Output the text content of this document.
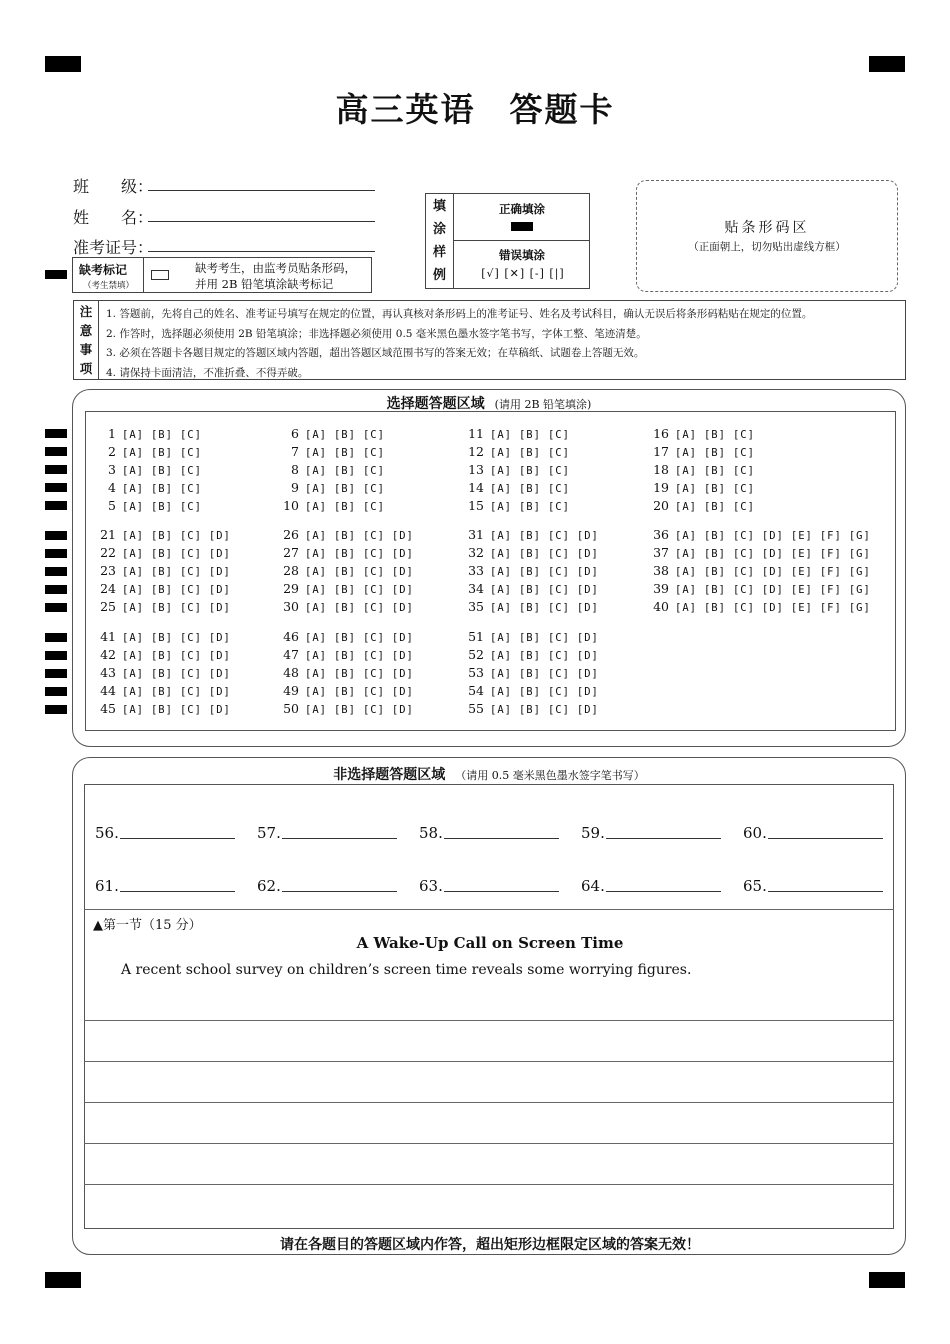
高三英语 答题卡
班　　级：
姓　　名：
准考证号：
缺考标记
（考生禁填）
缺考考生，由监考员贴条形码，
并用 2B 铅笔填涂缺考标记
填
涂
样
例
正确填涂
错误填涂
[√] [✕] [-] [|]
贴条形码区
（正面朝上，切勿贴出虚线方框）
注
意
事
项
1. 答题前，先将自己的姓名、准考证号填写在规定的位置，再认真核对条形码上的准考证号、姓名及考试科目，确认无误后将条形码粘贴在规定的位置。
2. 作答时，选择题必须使用 2B 铅笔填涂；非选择题必须使用 0.5 毫米黑色墨水签字笔书写，字体工整、笔迹清楚。
3. 必须在答题卡各题目规定的答题区域内答题，超出答题区域范围书写的答案无效；在草稿纸、试题卷上答题无效。
4. 请保持卡面清洁，不准折叠、不得弄破。
选择题答题区域 (请用 2B 铅笔填涂)
1 [A] [B] [C]
2 [A] [B] [C]
3 [A] [B] [C]
4 [A] [B] [C]
5 [A] [B] [C]
6 [A] [B] [C]
7 [A] [B] [C]
8 [A] [B] [C]
9 [A] [B] [C]
10 [A] [B] [C]
11 [A] [B] [C]
12 [A] [B] [C]
13 [A] [B] [C]
14 [A] [B] [C]
15 [A] [B] [C]
16 [A] [B] [C]
17 [A] [B] [C]
18 [A] [B] [C]
19 [A] [B] [C]
20 [A] [B] [C]
21 [A] [B] [C] [D]
22 [A] [B] [C] [D]
23 [A] [B] [C] [D]
24 [A] [B] [C] [D]
25 [A] [B] [C] [D]
26 [A] [B] [C] [D]
27 [A] [B] [C] [D]
28 [A] [B] [C] [D]
29 [A] [B] [C] [D]
30 [A] [B] [C] [D]
31 [A] [B] [C] [D]
32 [A] [B] [C] [D]
33 [A] [B] [C] [D]
34 [A] [B] [C] [D]
35 [A] [B] [C] [D]
36 [A] [B] [C] [D] [E] [F] [G]
37 [A] [B] [C] [D] [E] [F] [G]
38 [A] [B] [C] [D] [E] [F] [G]
39 [A] [B] [C] [D] [E] [F] [G]
40 [A] [B] [C] [D] [E] [F] [G]
41 [A] [B] [C] [D]
42 [A] [B] [C] [D]
43 [A] [B] [C] [D]
44 [A] [B] [C] [D]
45 [A] [B] [C] [D]
46 [A] [B] [C] [D]
47 [A] [B] [C] [D]
48 [A] [B] [C] [D]
49 [A] [B] [C] [D]
50 [A] [B] [C] [D]
51 [A] [B] [C] [D]
52 [A] [B] [C] [D]
53 [A] [B] [C] [D]
54 [A] [B] [C] [D]
55 [A] [B] [C] [D]
非选择题答题区域 （请用 0.5 毫米黑色墨水签字笔书写）
56.	57.	58.	59.	60.
61.	62.	63.	64.	65.
▲第一节（15 分）
A Wake-Up Call on Screen Time
A recent school survey on children’s screen time reveals some worrying figures.
请在各题目的答题区域内作答，超出矩形边框限定区域的答案无效！
